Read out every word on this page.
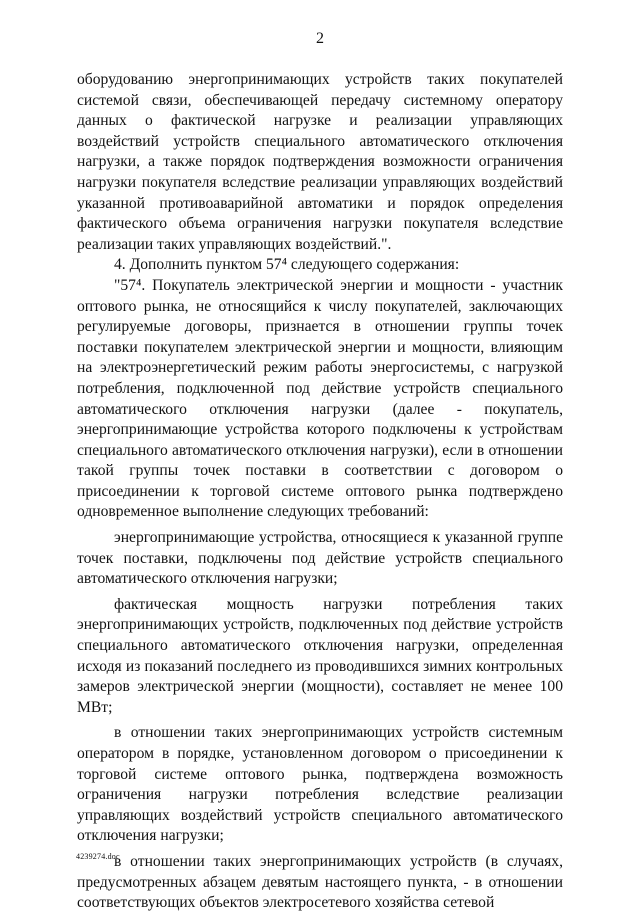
2

оборудованию энергопринимающих устройств таких покупателей системой связи, обеспечивающей передачу системному оператору данных о фактической нагрузке и реализации управляющих воздействий устройств специального автоматического отключения нагрузки, а также порядок подтверждения возможности ограничения нагрузки покупателя вследствие реализации управляющих воздействий указанной противоаварийной автоматики и порядок определения фактического объема ограничения нагрузки покупателя вследствие реализации таких управляющих воздействий.".

4. Дополнить пунктом 57⁴ следующего содержания:

"57⁴. Покупатель электрической энергии и мощности - участник оптового рынка, не относящийся к числу покупателей, заключающих регулируемые договоры, признается в отношении группы точек поставки покупателем электрической энергии и мощности, влияющим на электроэнергетический режим работы энергосистемы, с нагрузкой потребления, подключенной под действие устройств специального автоматического отключения нагрузки (далее - покупатель, энергопринимающие устройства которого подключены к устройствам специального автоматического отключения нагрузки), если в отношении такой группы точек поставки в соответствии с договором о присоединении к торговой системе оптового рынка подтверждено одновременное выполнение следующих требований:

энергопринимающие устройства, относящиеся к указанной группе точек поставки, подключены под действие устройств специального автоматического отключения нагрузки;

фактическая мощность нагрузки потребления таких энергопринимающих устройств, подключенных под действие устройств специального автоматического отключения нагрузки, определенная исходя из показаний последнего из проводившихся зимних контрольных замеров электрической энергии (мощности), составляет не менее 100 МВт;

в отношении таких энергопринимающих устройств системным оператором в порядке, установленном договором о присоединении к торговой системе оптового рынка, подтверждена возможность ограничения нагрузки потребления вследствие реализации управляющих воздействий устройств специального автоматического отключения нагрузки;

в отношении таких энергопринимающих устройств (в случаях, предусмотренных абзацем девятым настоящего пункта, - в отношении соответствующих объектов электросетевого хозяйства сетевой

4239274.doc
